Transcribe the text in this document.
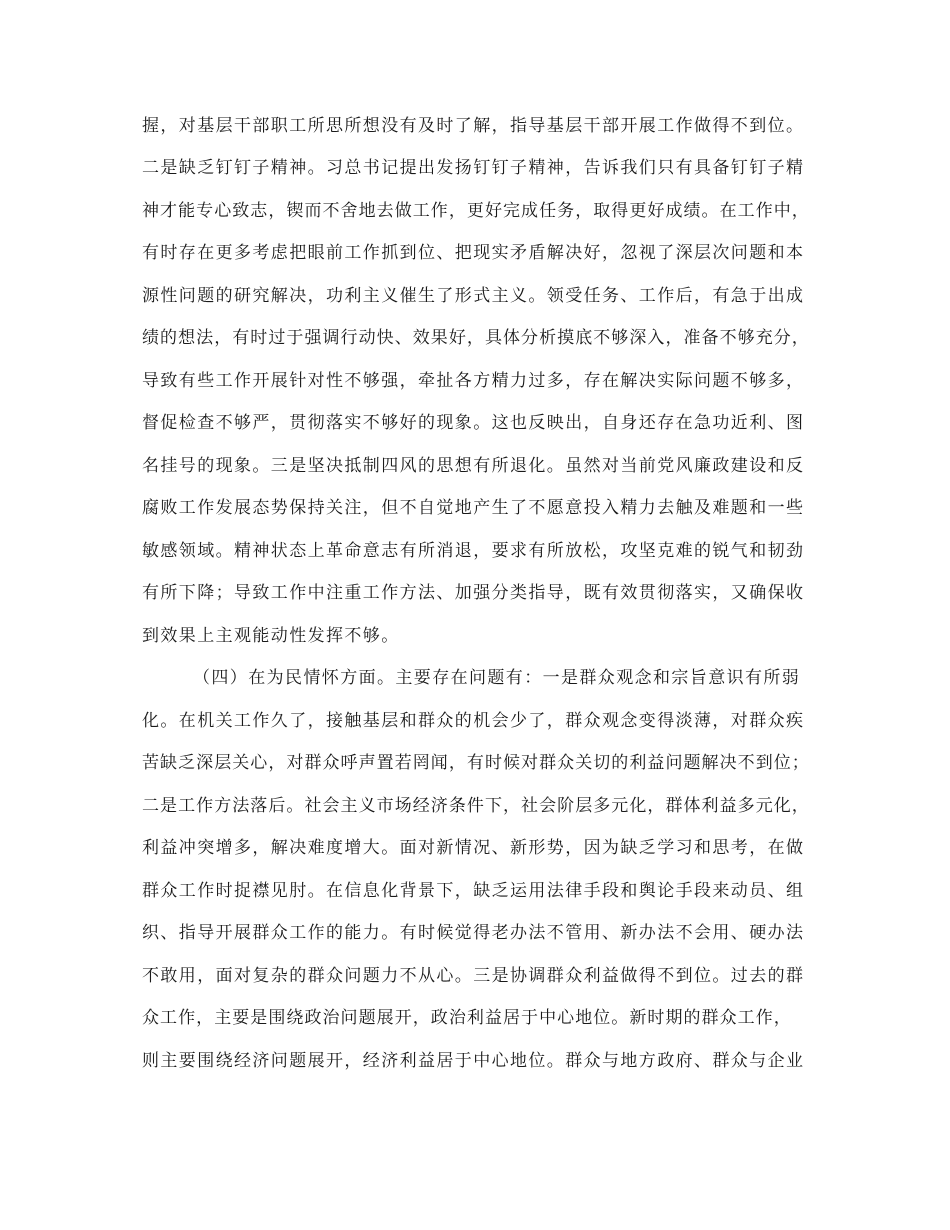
握，对基层干部职工所思所想没有及时了解，指导基层干部开展工作做得不到位。
二是缺乏钉钉子精神。习总书记提出发扬钉钉子精神，告诉我们只有具备钉钉子精
神才能专心致志，锲而不舍地去做工作，更好完成任务，取得更好成绩。在工作中，
有时存在更多考虑把眼前工作抓到位、把现实矛盾解决好，忽视了深层次问题和本
源性问题的研究解决，功利主义催生了形式主义。领受任务、工作后，有急于出成
绩的想法，有时过于强调行动快、效果好，具体分析摸底不够深入，准备不够充分，
导致有些工作开展针对性不够强，牵扯各方精力过多，存在解决实际问题不够多，
督促检查不够严，贯彻落实不够好的现象。这也反映出，自身还存在急功近利、图
名挂号的现象。三是坚决抵制四风的思想有所退化。虽然对当前党风廉政建设和反
腐败工作发展态势保持关注，但不自觉地产生了不愿意投入精力去触及难题和一些
敏感领域。精神状态上革命意志有所消退，要求有所放松，攻坚克难的锐气和韧劲
有所下降；导致工作中注重工作方法、加强分类指导，既有效贯彻落实，又确保收
到效果上主观能动性发挥不够。
（四）在为民情怀方面。主要存在问题有：一是群众观念和宗旨意识有所弱
化。在机关工作久了，接触基层和群众的机会少了，群众观念变得淡薄，对群众疾
苦缺乏深层关心，对群众呼声置若罔闻，有时候对群众关切的利益问题解决不到位；
二是工作方法落后。社会主义市场经济条件下，社会阶层多元化，群体利益多元化，
利益冲突增多，解决难度增大。面对新情况、新形势，因为缺乏学习和思考，在做
群众工作时捉襟见肘。在信息化背景下，缺乏运用法律手段和舆论手段来动员、组
织、指导开展群众工作的能力。有时候觉得老办法不管用、新办法不会用、硬办法
不敢用，面对复杂的群众问题力不从心。三是协调群众利益做得不到位。过去的群
众工作，主要是围绕政治问题展开，政治利益居于中心地位。新时期的群众工作，
则主要围绕经济问题展开，经济利益居于中心地位。群众与地方政府、群众与企业
